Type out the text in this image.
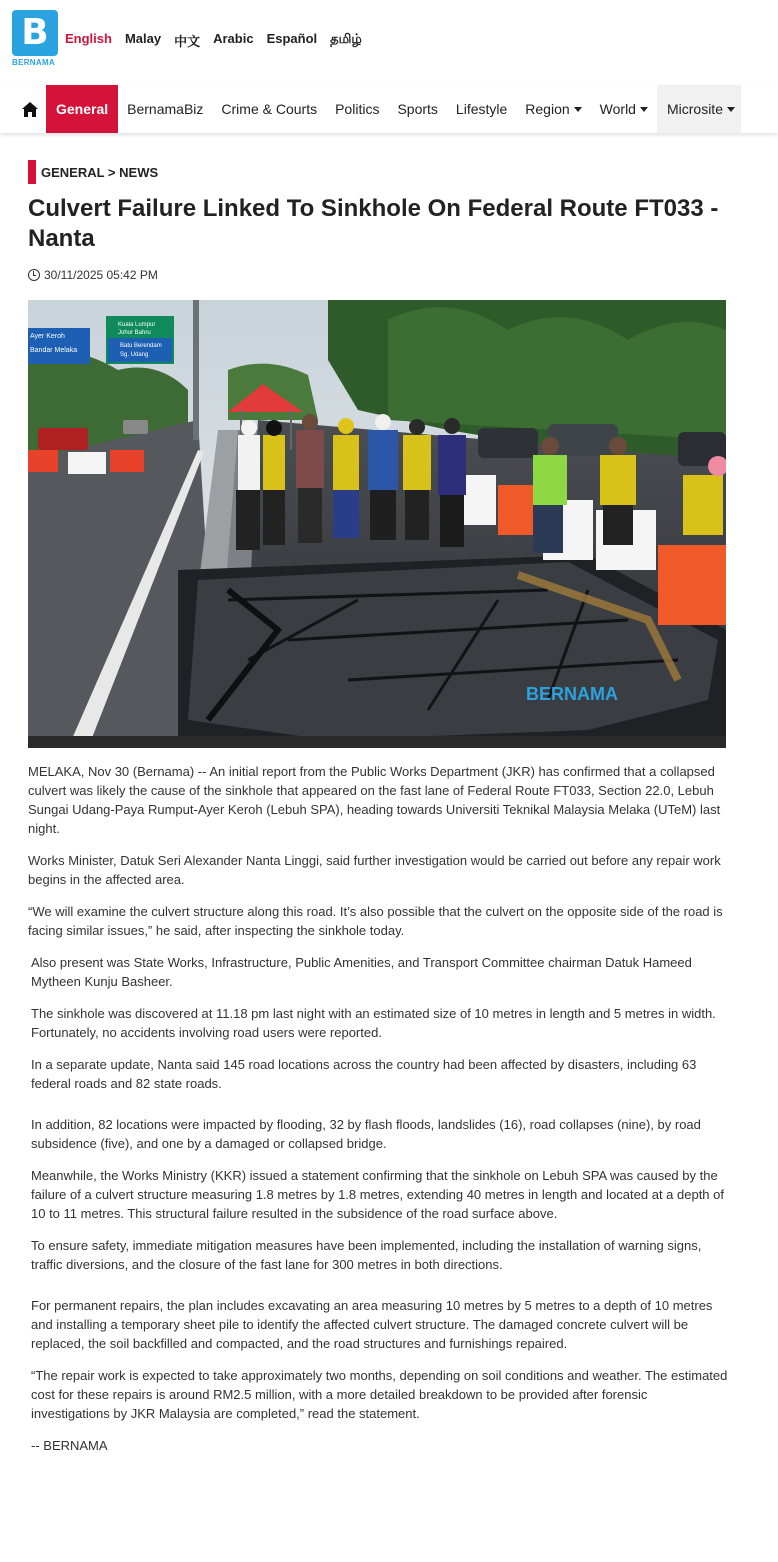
B
BERNAMA
English Malay 中文 Arabic Español தமிழ்
General	BernamaBiz	Crime & Courts	Politics	Sports	Lifestyle	Region World Microsite
GENERAL > NEWS
Culvert Failure Linked To Sinkhole On Federal Route FT033 - Nanta
30/11/2025 05:42 PM
Ayer Keroh
Bandar Melaka
Kuala Lumpur
Johor Bahru
Batu Berendam
Sg. Udang
BERNAMA

MELAKA, Nov 30 (Bernama) -- An initial report from the Public Works Department (JKR) has confirmed that a collapsed culvert was likely the cause of the sinkhole that appeared on the fast lane of Federal Route FT033, Section 22.0, Lebuh Sungai Udang-Paya Rumput-Ayer Keroh (Lebuh SPA), heading towards Universiti Teknikal Malaysia Melaka (UTeM) last night.

Works Minister, Datuk Seri Alexander Nanta Linggi, said further investigation would be carried out before any repair work begins in the affected area.

“We will examine the culvert structure along this road. It’s also possible that the culvert on the opposite side of the road is facing similar issues,” he said, after inspecting the sinkhole today.

Also present was State Works, Infrastructure, Public Amenities, and Transport Committee chairman Datuk Hameed Mytheen Kunju Basheer.

The sinkhole was discovered at 11.18 pm last night with an estimated size of 10 metres in length and 5 metres in width. Fortunately, no accidents involving road users were reported.

In a separate update, Nanta said 145 road locations across the country had been affected by disasters, including 63 federal roads and 82 state roads.

In addition, 82 locations were impacted by flooding, 32 by flash floods, landslides (16), road collapses (nine), by road subsidence (five), and one by a damaged or collapsed bridge.

Meanwhile, the Works Ministry (KKR) issued a statement confirming that the sinkhole on Lebuh SPA was caused by the failure of a culvert structure measuring 1.8 metres by 1.8 metres, extending 40 metres in length and located at a depth of 10 to 11 metres. This structural failure resulted in the subsidence of the road surface above.

To ensure safety, immediate mitigation measures have been implemented, including the installation of warning signs, traffic diversions, and the closure of the fast lane for 300 metres in both directions.

For permanent repairs, the plan includes excavating an area measuring 10 metres by 5 metres to a depth of 10 metres and installing a temporary sheet pile to identify the affected culvert structure. The damaged concrete culvert will be replaced, the soil backfilled and compacted, and the road structures and furnishings repaired.

“The repair work is expected to take approximately two months, depending on soil conditions and weather. The estimated cost for these repairs is around RM2.5 million, with a more detailed breakdown to be provided after forensic investigations by JKR Malaysia are completed,” read the statement.

-- BERNAMA
